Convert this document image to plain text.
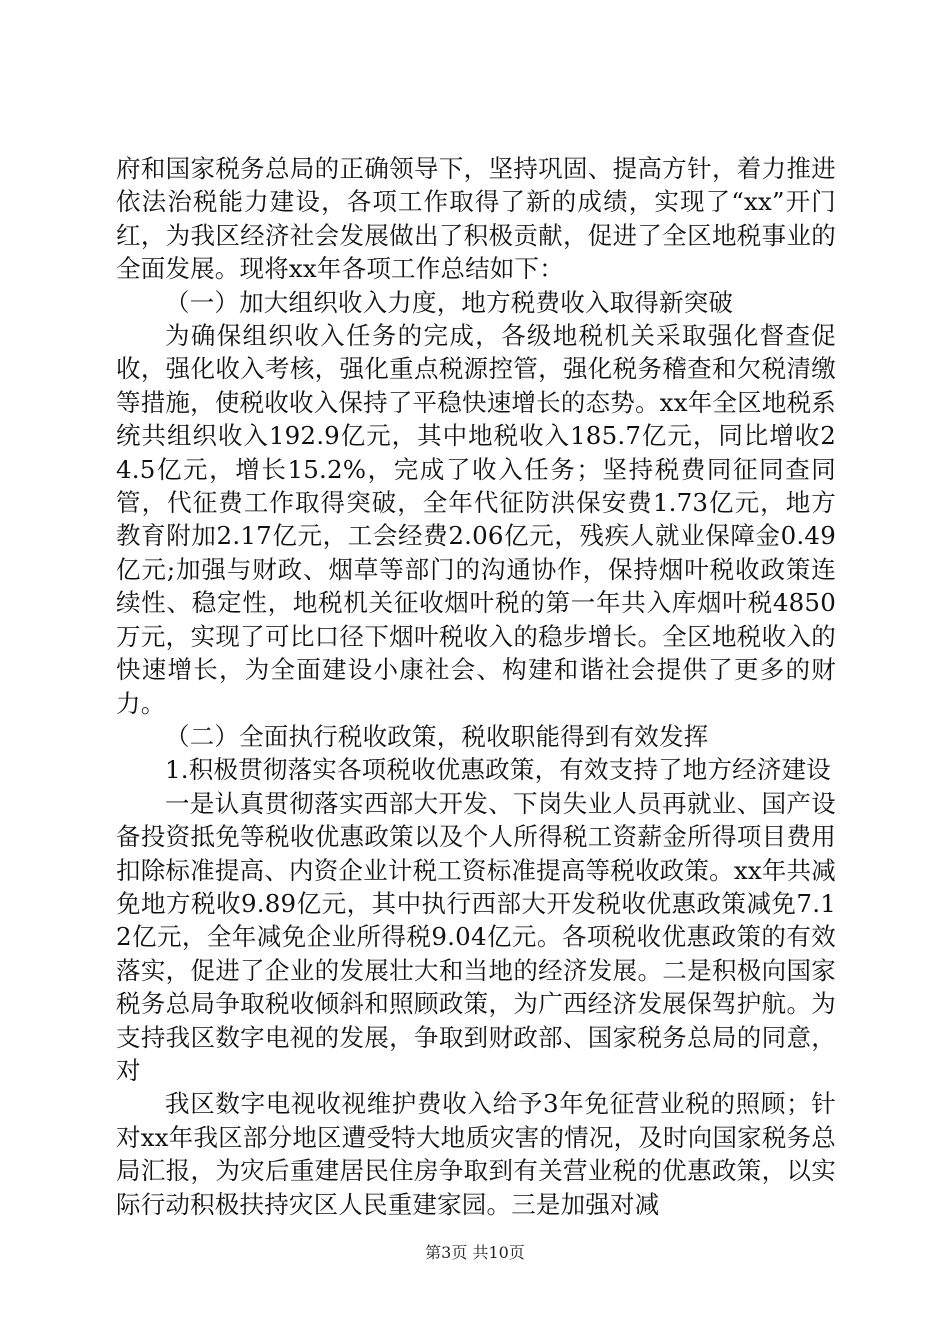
府和国家税务总局的正确领导下，坚持巩固、提高方针，着力推进依法治税能力建设，各项工作取得了新的成绩，实现了“xx”开门红，为我区经济社会发展做出了积极贡献，促进了全区地税事业的全面发展。现将xx年各项工作总结如下：

（一）加大组织收入力度，地方税费收入取得新突破

为确保组织收入任务的完成，各级地税机关采取强化督查促收，强化收入考核，强化重点税源控管，强化税务稽查和欠税清缴等措施，使税收收入保持了平稳快速增长的态势。xx年全区地税系统共组织收入192.9亿元，其中地税收入185.7亿元，同比增收24.5亿元，增长15.2%，完成了收入任务；坚持税费同征同查同管，代征费工作取得突破，全年代征防洪保安费1.73亿元，地方教育附加2.17亿元，工会经费2.06亿元，残疾人就业保障金0.49亿元;加强与财政、烟草等部门的沟通协作，保持烟叶税收政策连续性、稳定性，地税机关征收烟叶税的第一年共入库烟叶税4850万元，实现了可比口径下烟叶税收入的稳步增长。全区地税收入的快速增长，为全面建设小康社会、构建和谐社会提供了更多的财力。

（二）全面执行税收政策，税收职能得到有效发挥

1.积极贯彻落实各项税收优惠政策，有效支持了地方经济建设

一是认真贯彻落实西部大开发、下岗失业人员再就业、国产设备投资抵免等税收优惠政策以及个人所得税工资薪金所得项目费用扣除标准提高、内资企业计税工资标准提高等税收政策。xx年共减免地方税收9.89亿元，其中执行西部大开发税收优惠政策减免7.12亿元，全年减免企业所得税9.04亿元。各项税收优惠政策的有效落实，促进了企业的发展壮大和当地的经济发展。二是积极向国家税务总局争取税收倾斜和照顾政策，为广西经济发展保驾护航。为支持我区数字电视的发展，争取到财政部、国家税务总局的同意，对

我区数字电视收视维护费收入给予3年免征营业税的照顾；针对xx年我区部分地区遭受特大地质灾害的情况，及时向国家税务总局汇报，为灾后重建居民住房争取到有关营业税的优惠政策，以实际行动积极扶持灾区人民重建家园。三是加强对减

第3页 共10页
